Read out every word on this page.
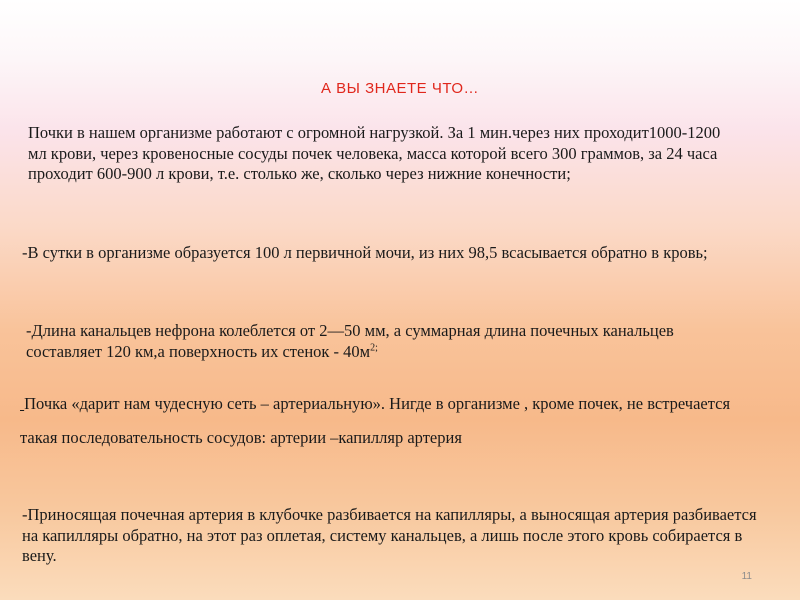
А ВЫ ЗНАЕТЕ ЧТО…

Почки в нашем организме работают с огромной нагрузкой. За 1 мин.через них проходит1000-1200 мл крови, через кровеносные сосуды почек человека, масса которой всего 300 граммов, за 24 часа проходит 600-900 л крови, т.е. столько же, сколько через нижние конечности;

-В сутки в организме образуется 100 л первичной мочи, из них 98,5 всасывается обратно в кровь;

-Длина канальцев нефрона колеблется от 2—50 мм, а суммарная длина почечных канальцев составляет 120 км,а поверхность их стенок - $40м^{2;}$

Почка «дарит нам чудесную сеть – артериальную». Нигде в организме , кроме почек, не встречается такая последовательность сосудов: артерии –капилляр артерия

-Приносящая почечная артерия в клубочке разбивается на капилляры, а выносящая артерия разбивается на капилляры обратно, на этот раз оплетая, систему канальцев, а лишь после этого кровь собирается в вену.

11
